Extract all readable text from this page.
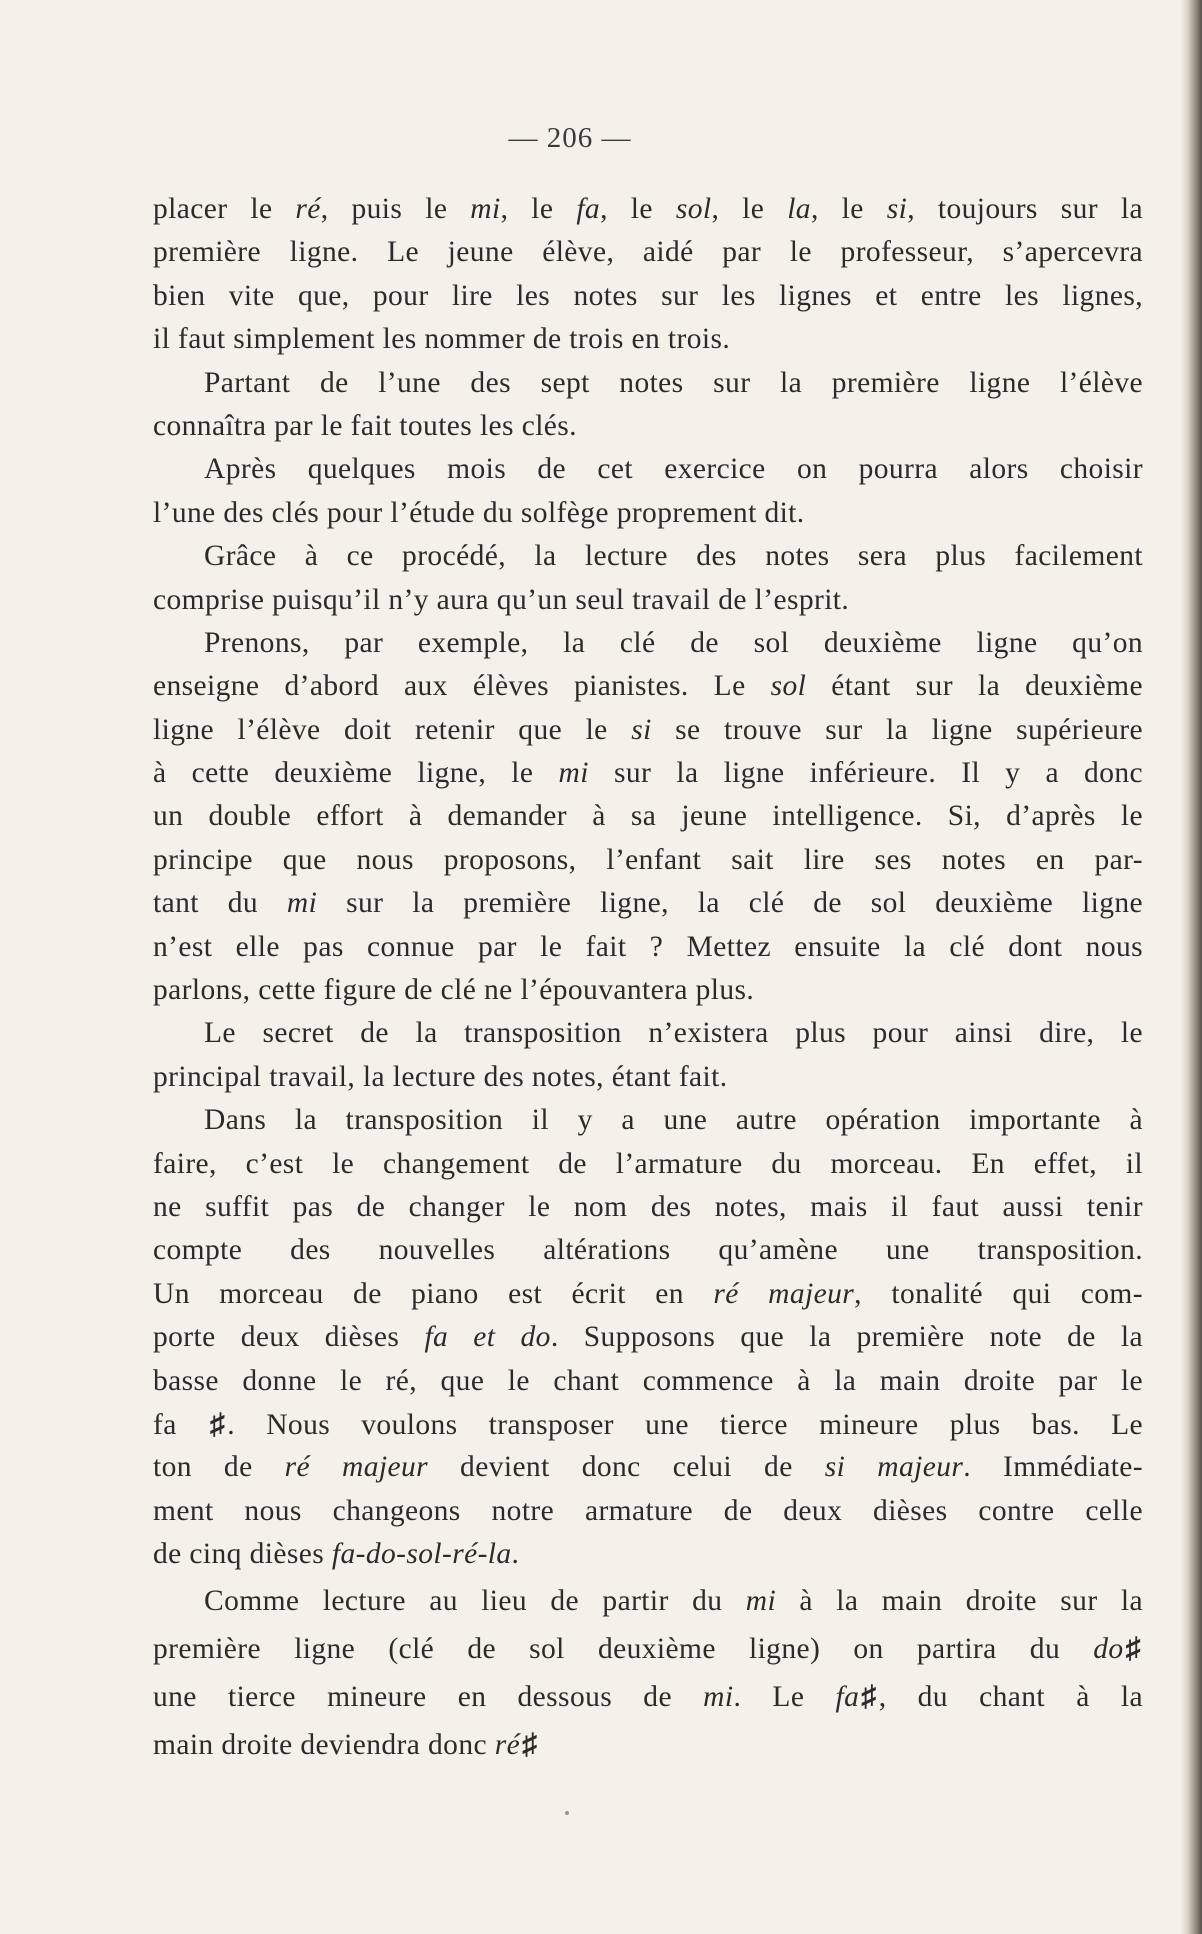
— 206 —
placer le ré, puis le mi, le fa, le sol, le la, le si, toujours sur la
première ligne. Le jeune élève, aidé par le professeur, s’apercevra
bien vite que, pour lire les notes sur les lignes et entre les lignes,
il faut simplement les nommer de trois en trois.
Partant de l’une des sept notes sur la première ligne l’élève
connaîtra par le fait toutes les clés.
Après quelques mois de cet exercice on pourra alors choisir
l’une des clés pour l’étude du solfège proprement dit.
Grâce à ce procédé, la lecture des notes sera plus facilement
comprise puisqu’il n’y aura qu’un seul travail de l’esprit.
Prenons, par exemple, la clé de sol deuxième ligne qu’on
enseigne d’abord aux élèves pianistes. Le sol étant sur la deuxième
ligne l’élève doit retenir que le si se trouve sur la ligne supérieure
à cette deuxième ligne, le mi sur la ligne inférieure. Il y a donc
un double effort à demander à sa jeune intelligence. Si, d’après le
principe que nous proposons, l’enfant sait lire ses notes en par-
tant du mi sur la première ligne, la clé de sol deuxième ligne
n’est elle pas connue par le fait ? Mettez ensuite la clé dont nous
parlons, cette figure de clé ne l’épouvantera plus.
Le secret de la transposition n’existera plus pour ainsi dire, le
principal travail, la lecture des notes, étant fait.
Dans la transposition il y a une autre opération importante à
faire, c’est le changement de l’armature du morceau. En effet, il
ne suffit pas de changer le nom des notes, mais il faut aussi tenir
compte des nouvelles altérations qu’amène une transposition.
Un morceau de piano est écrit en ré majeur, tonalité qui com-
porte deux dièses fa et do. Supposons que la première note de la
basse donne le ré, que le chant commence à la main droite par le
fa ♯. Nous voulons transposer une tierce mineure plus bas. Le
ton de ré majeur devient donc celui de si majeur. Immédiate-
ment nous changeons notre armature de deux dièses contre celle
de cinq dièses fa-do-sol-ré-la.
Comme lecture au lieu de partir du mi à la main droite sur la
première ligne (clé de sol deuxième ligne) on partira du do♯
une tierce mineure en dessous de mi. Le fa♯, du chant à la
main droite deviendra donc ré♯
